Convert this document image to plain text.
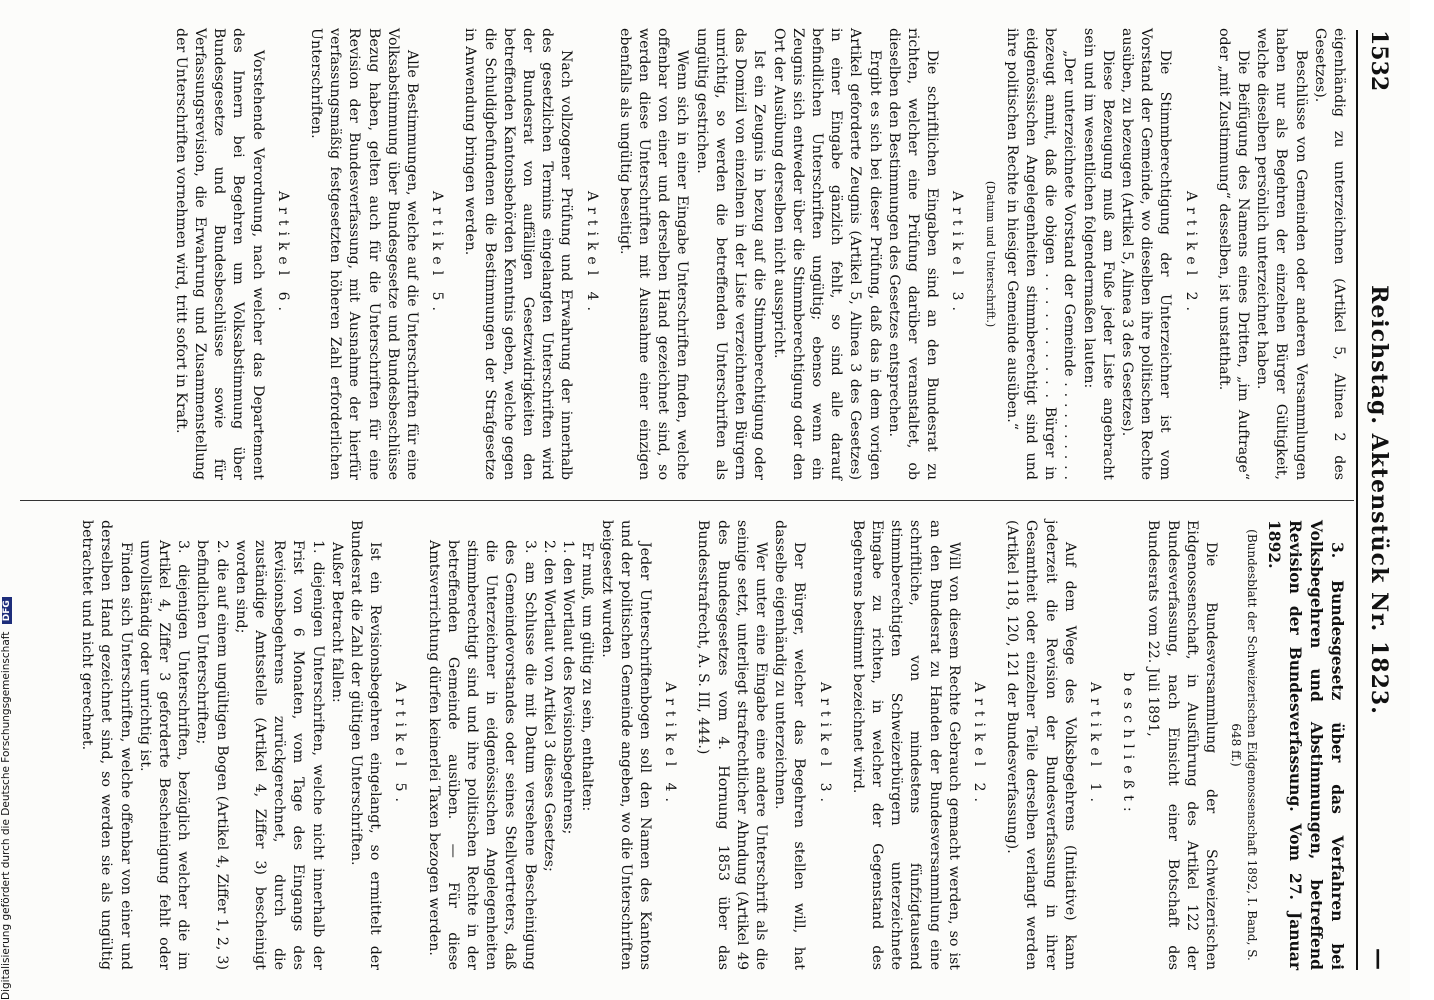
1532
Reichstag. Aktenstück Nr. 1823.
—

eigenhändig zu unterzeichnen (Artikel 5, Alinea 2 des Gesetzes).

Beschlüsse von Gemeinden oder anderen Versammlungen haben nur als Begehren der einzelnen Bürger Gültigkeit, welche dieselben persönlich unterzeichnet haben.

Die Beifügung des Namens eines Dritten, „im Auftrage“ oder „mit Zustimmung“ desselben, ist unstatthaft.

Artikel 2.

Die Stimmberechtigung der Unterzeichner ist vom Vorstand der Gemeinde, wo dieselben ihre politischen Rechte ausüben, zu bezeugen (Artikel 5, Alinea 3 des Gesetzes).

Diese Bezeugung muß am Fuße jeder Liste angebracht sein und im wesentlichen folgendermaßen lauten:

„Der unterzeichnete Vorstand der Gemeinde . . . . . . . . . . bezeugt anmit, daß die obigen . . . . . . . . . . Bürger in eidgenössischen Angelegenheiten stimmberechtigt sind und ihre politischen Rechte in hiesiger Gemeinde ausüben.“

(Datum und Unterschrift.)
Artikel 3.

Die schriftlichen Eingaben sind an den Bundesrat zu richten, welcher eine Prüfung darüber veranstaltet, ob dieselben den Bestimmungen des Gesetzes entsprechen.

Ergibt es sich bei dieser Prüfung, daß das in dem vorigen Artikel geforderte Zeugnis (Artikel 5, Alinea 3 des Gesetzes) in einer Eingabe gänzlich fehlt, so sind alle darauf befindlichen Unterschriften ungültig; ebenso wenn ein Zeugnis sich entweder über die Stimmberechtigung oder den Ort der Ausübung derselben nicht ausspricht.

Ist ein Zeugnis in bezug auf die Stimmberechtigung oder das Domizil von einzelnen in der Liste verzeichneten Bürgern unrichtig, so werden die betreffenden Unterschriften als ungültig gestrichen.

Wenn sich in einer Eingabe Unterschriften finden, welche offenbar von einer und derselben Hand gezeichnet sind, so werden diese Unterschriften mit Ausnahme einer einzigen ebenfalls als ungültig beseitigt.

Artikel 4.

Nach vollzogener Prüfung und Erwahrung der innerhalb des gesetzlichen Termins eingelangten Unterschriften wird der Bundesrat von auffälligen Gesetzwidrigkeiten den betreffenden Kantonsbehörden Kenntnis geben, welche gegen die Schuldigbefundenen die Bestimmungen der Strafgesetze in Anwendung bringen werden.

Artikel 5.

Alle Bestimmungen, welche auf die Unterschriften für eine Volksabstimmung über Bundesgesetze und Bundesbeschlüsse Bezug haben, gelten auch für die Unterschriften für eine Revision der Bundesverfassung, mit Ausnahme der hierfür verfassungsmäßig festgesetzten höheren Zahl erforderlichen Unterschriften.

Artikel 6.

Vorstehende Verordnung, nach welcher das Departement des Innern bei Begehren um Volksabstimmung über Bundesgesetze und Bundesbeschlüsse sowie für Verfassungsrevision, die Erwahrung und Zusammenstellung der Unterschriften vornehmen wird, tritt sofort in Kraft.

3. Bundesgesetz über das Verfahren bei Volksbegehren und Abstimmungen, betreffend Revision der Bundesverfassung. Vom 27. Januar 1892.

(Bundesblatt der Schweizerischen Eidgenossenschaft 1892, I. Band, S. 648 ff.)

Die Bundesversammlung der Schweizerischen Eidgenossenschaft, in Ausführung des Artikel 122 der Bundesverfassung, nach Einsicht einer Botschaft des Bundesrats vom 22. Juli 1891,

beschließt:
Artikel 1.

Auf dem Wege des Volksbegehrens (Initiative) kann jederzeit die Revision der Bundesverfassung in ihrer Gesamtheit oder einzelner Teile derselben verlangt werden (Artikel 118, 120, 121 der Bundesverfassung).

Artikel 2.

Will von diesem Rechte Gebrauch gemacht werden, so ist an den Bundesrat zu Handen der Bundesversammlung eine schriftliche, von mindestens fünfzigtausend stimmberechtigten Schweizerbürgern unterzeichnete Eingabe zu richten, in welcher der Gegenstand des Begehrens bestimmt bezeichnet wird.

Artikel 3.

Der Bürger, welcher das Begehren stellen will, hat dasselbe eigenhändig zu unterzeichnen.

Wer unter eine Eingabe eine andere Unterschrift als die seinige setzt, unterliegt strafrechtlicher Ahndung (Artikel 49 des Bundesgesetzes vom 4. Hornung 1853 über das Bundesstrafrecht, A. S. III, 444.)

Artikel 4.

Jeder Unterschriftenbogen soll den Namen des Kantons und der politischen Gemeinde angeben, wo die Unterschriften beigesetzt wurden.

Er muß, um gültig zu sein, enthalten:

1. den Wortlaut des Revisionsbegehrens;

2. den Wortlaut von Artikel 3 dieses Gesetzes;

3. am Schlusse die mit Datum versehene Bescheinigung des Gemeindevorstandes oder seines Stellvertreters, daß die Unterzeichner in eidgenössischen Angelegenheiten stimmberechtigt sind und ihre politischen Rechte in der betreffenden Gemeinde ausüben. — Für diese Amtsverrichtung dürfen keinerlei Taxen bezogen werden.

Artikel 5.

Ist ein Revisionsbegehren eingelangt, so ermittelt der Bundesrat die Zahl der gültigen Unterschriften.

Außer Betracht fallen:

1. diejenigen Unterschriften, welche nicht innerhalb der Frist von 6 Monaten, vom Tage des Eingangs des Revisionsbegehrens zurückgerechnet, durch die zuständige Amtsstelle (Artikel 4, Ziffer 3) bescheinigt worden sind;

2. die auf einem ungültigen Bogen (Artikel 4, Ziffer 1, 2, 3) befindlichen Unterschriften;

3. diejenigen Unterschriften, bezüglich welcher die im Artikel 4, Ziffer 3 geforderte Bescheinigung fehlt oder unvollständig oder unrichtig ist.

Finden sich Unterschriften, welche offenbar von einer und derselben Hand gezeichnet sind, so werden sie als ungültig betrachtet und nicht gerechnet.

Digitalisierung gefördert durch die Deutsche Forschungsgemeinschaft DFG
